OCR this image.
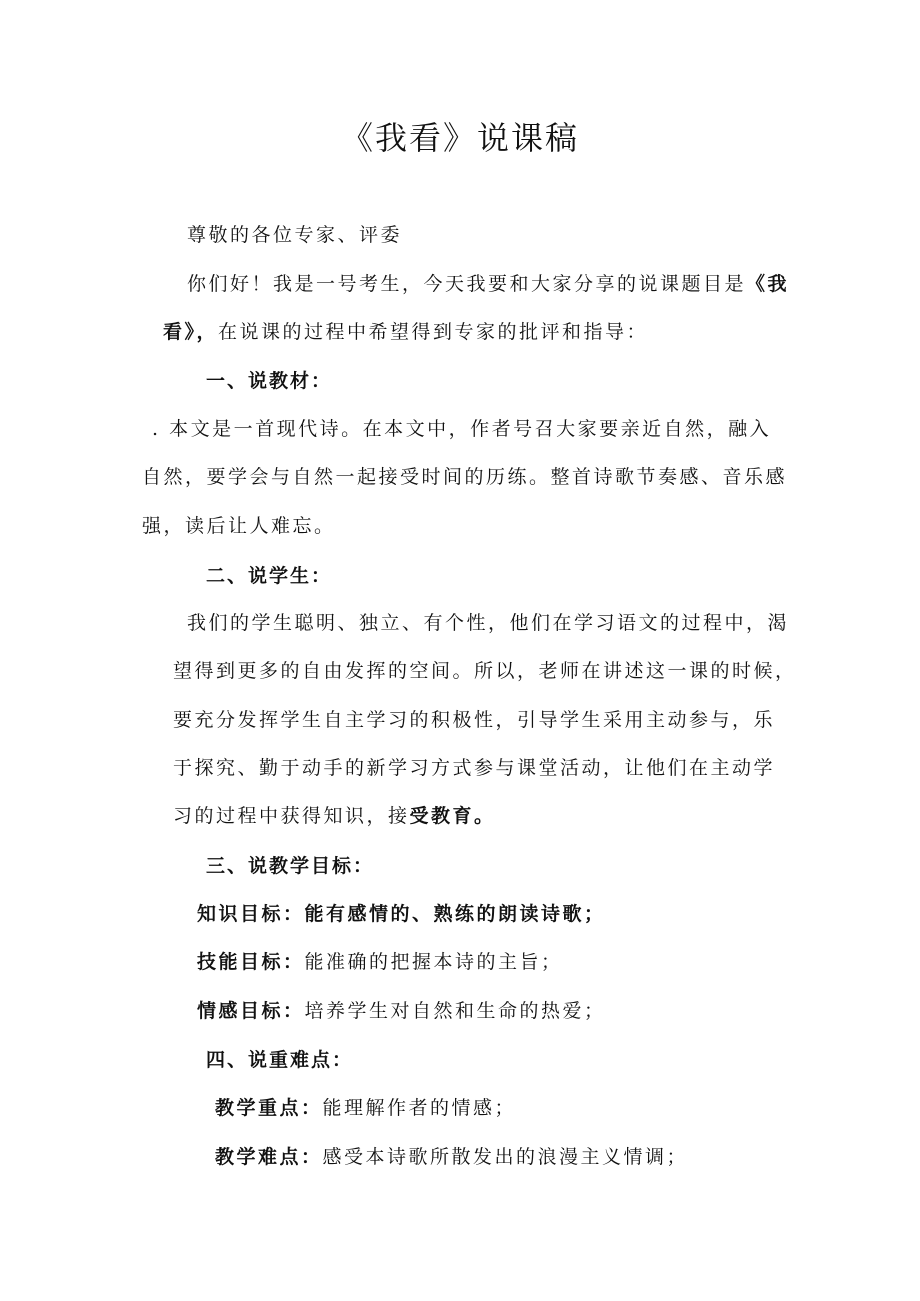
《我看》说课稿
尊敬的各位专家、评委
你们好！我是一号考生，今天我要和大家分享的说课题目是《我
看》，在说课的过程中希望得到专家的批评和指导：
一、说教材：
. 本文是一首现代诗。在本文中，作者号召大家要亲近自然，融入
自然，要学会与自然一起接受时间的历练。整首诗歌节奏感、音乐感
强，读后让人难忘。
二、说学生：
我们的学生聪明、独立、有个性，他们在学习语文的过程中，渴
望得到更多的自由发挥的空间。所以，老师在讲述这一课的时候，
要充分发挥学生自主学习的积极性，引导学生采用主动参与，乐
于探究、勤于动手的新学习方式参与课堂活动，让他们在主动学
习的过程中获得知识，接受教育。
三、说教学目标：
知识目标：能有感情的、熟练的朗读诗歌；
技能目标：能准确的把握本诗的主旨；
情感目标：培养学生对自然和生命的热爱；
四、说重难点：
教学重点：能理解作者的情感；
教学难点：感受本诗歌所散发出的浪漫主义情调；
